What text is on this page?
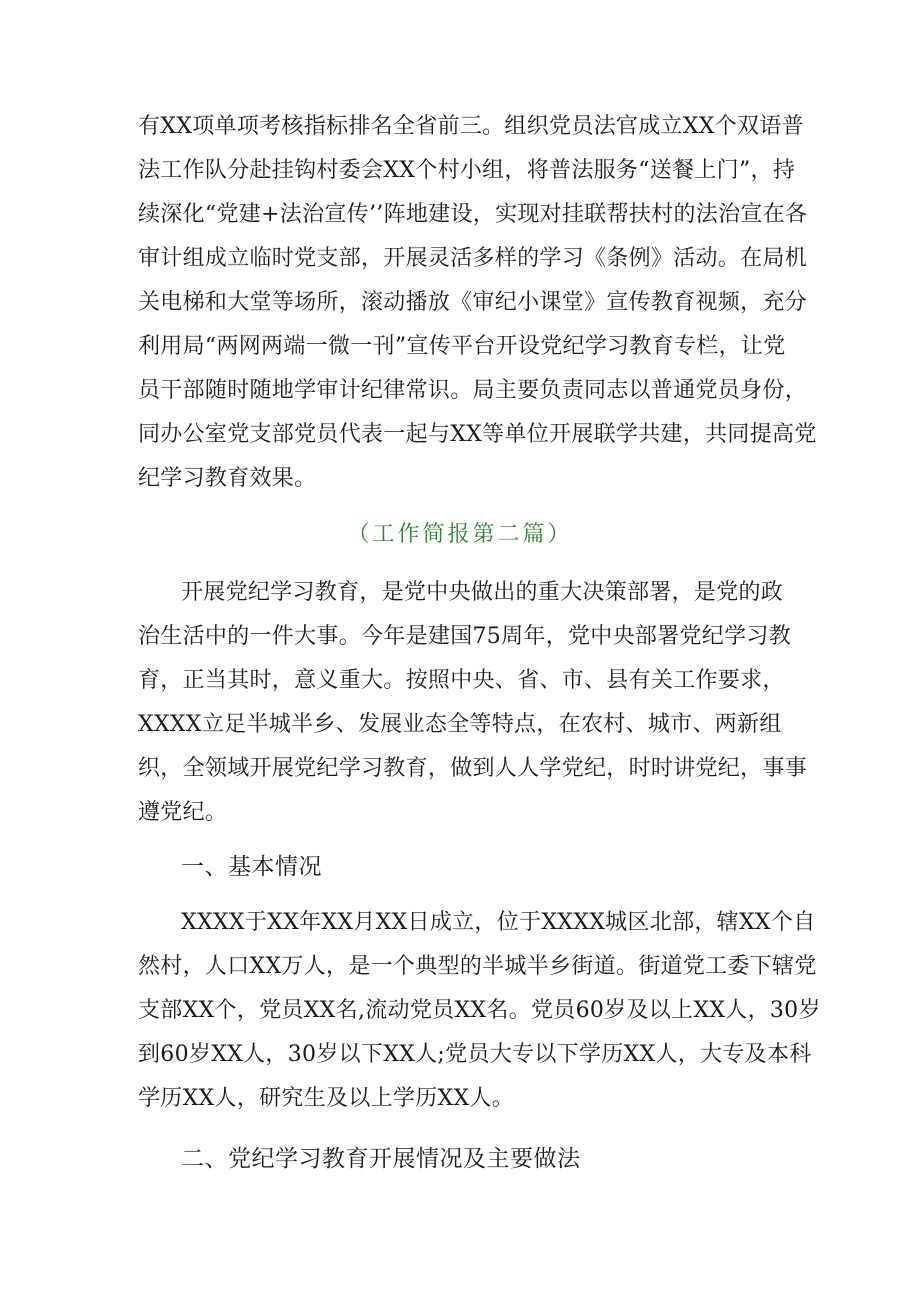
有XX项单项考核指标排名全省前三。组织党员法官成立XX个双语普
法工作队分赴挂钩村委会XX个村小组，将普法服务“送餐上门”，持
续深化“党建+法治宣传’’阵地建设，实现对挂联帮扶村的法治宣在各
审计组成立临时党支部，开展灵活多样的学习《条例》活动。在局机
关电梯和大堂等场所，滚动播放《审纪小课堂》宣传教育视频，充分
利用局“两网两端一微一刊”宣传平台开设党纪学习教育专栏，让党
员干部随时随地学审计纪律常识。局主要负责同志以普通党员身份，
同办公室党支部党员代表一起与XX等单位开展联学共建，共同提高党
纪学习教育效果。
（工作简报第二篇）
开展党纪学习教育，是党中央做出的重大决策部署，是党的政
治生活中的一件大事。今年是建国75周年，党中央部署党纪学习教
育，正当其时，意义重大。按照中央、省、市、县有关工作要求，
XXXX立足半城半乡、发展业态全等特点，在农村、城市、两新组
织，全领域开展党纪学习教育，做到人人学党纪，时时讲党纪，事事
遵党纪。
一、基本情况
XXXX于XX年XX月XX日成立，位于XXXX城区北部，辖XX个自
然村，人口XX万人，是一个典型的半城半乡街道。街道党工委下辖党
支部XX个，党员XX名,流动党员XX名。党员60岁及以上XX人，30岁
到60岁XX人，30岁以下XX人;党员大专以下学历XX人，大专及本科
学历XX人，研究生及以上学历XX人。
二、党纪学习教育开展情况及主要做法
